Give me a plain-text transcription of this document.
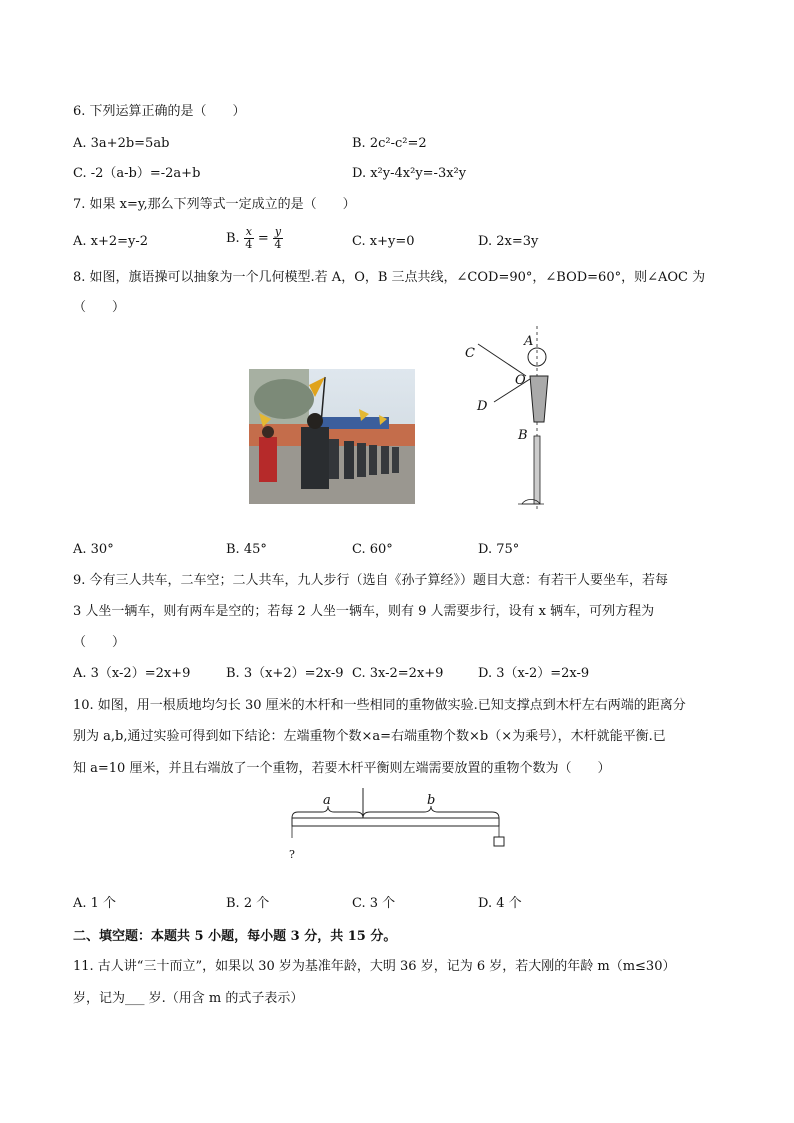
6. 下列运算正确的是（　　）
A. 3a+2b=5ab	B. 2c²-c²=2
C. -2（a-b）=-2a+b	D. x²y-4x²y=-3x²y
7. 如果 x=y,那么下列等式一定成立的是（　　）
A. x+2=y-2	B. $\frac{x}{4} = \frac{y}{4}$	C. x+y=0	D. 2x=3y
8. 如图，旗语操可以抽象为一个几何模型.若 A，O，B 三点共线，∠COD=90°，∠BOD=60°，则∠AOC 为
（　　）
A
C
O
D
B
A. 30°	B. 45°	C. 60°	D. 75°
9. 今有三人共车，二车空；二人共车，九人步行（选自《孙子算经》）题目大意：有若干人要坐车，若每
3 人坐一辆车，则有两车是空的；若每 2 人坐一辆车，则有 9 人需要步行，设有 x 辆车，可列方程为
（　　）
A. 3（x-2）=2x+9	B. 3（x+2）=2x-9 C. 3x-2=2x+9	D. 3（x-2）=2x-9
10. 如图，用一根质地均匀长 30 厘米的木杆和一些相同的重物做实验.已知支撑点到木杆左右两端的距离分
别为 a,b,通过实验可得到如下结论：左端重物个数×a=右端重物个数×b（×为乘号），木杆就能平衡.已
知 a=10 厘米，并且右端放了一个重物，若要木杆平衡则左端需要放置的重物个数为（　　）
a	b
?
A. 1 个	B. 2 个	C. 3 个	D. 4 个
二、填空题：本题共 5 小题，每小题 3 分，共 15 分。
11. 古人讲“三十而立”，如果以 30 岁为基准年龄，大明 36 岁，记为 6 岁，若大刚的年龄 m（m≤30）
岁，记为___ 岁.（用含 m 的式子表示）
